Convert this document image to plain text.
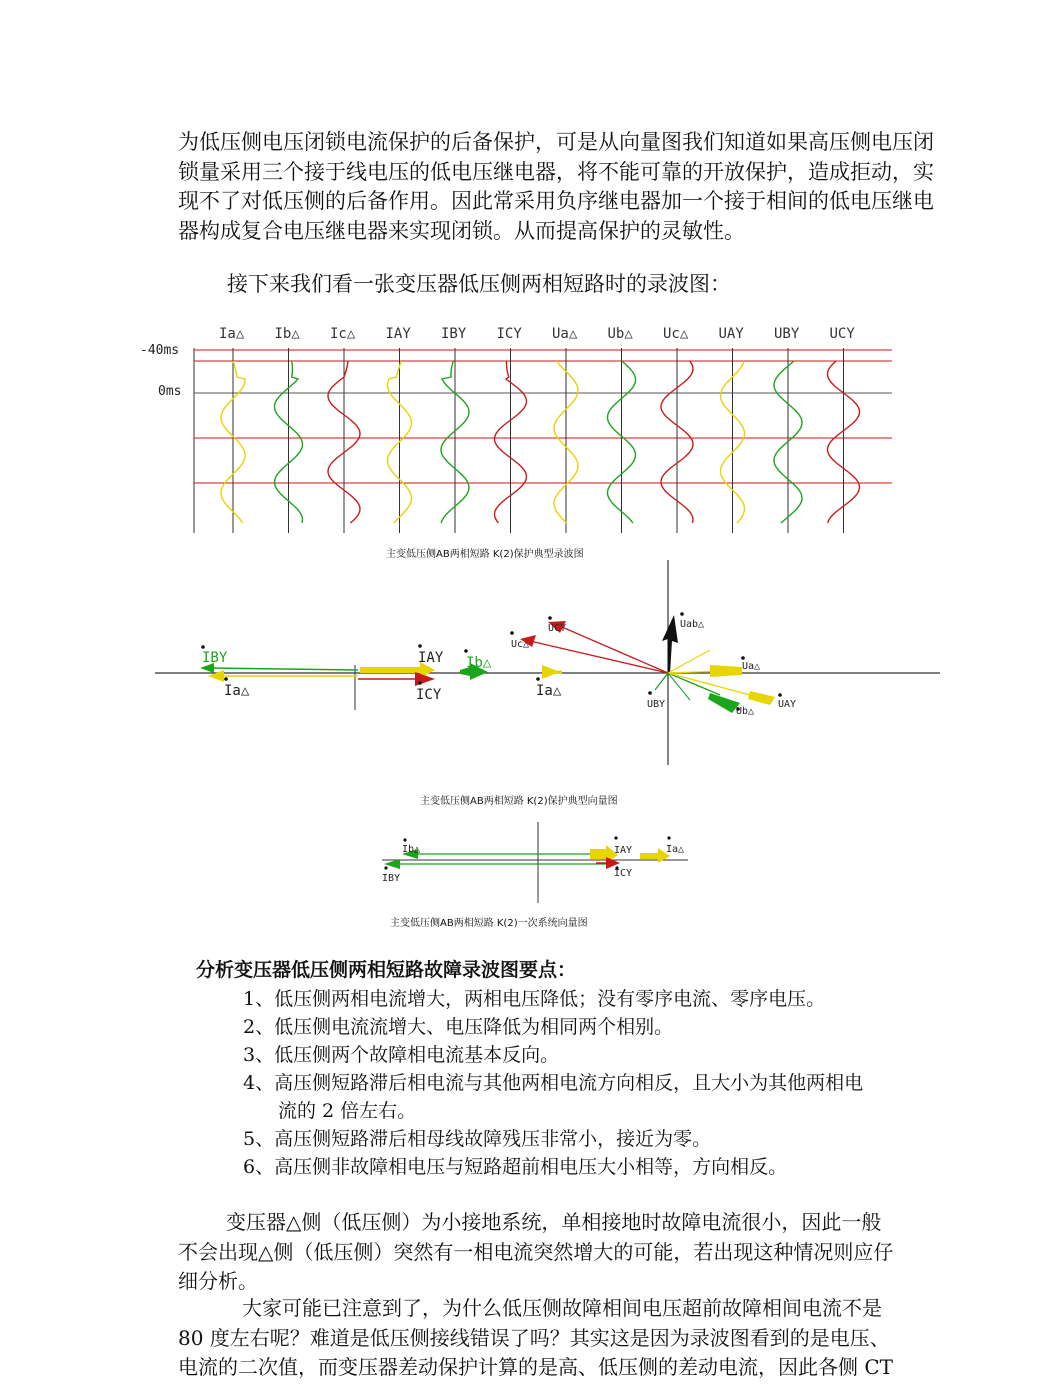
为低压侧电压闭锁电流保护的后备保护，可是从向量图我们知道如果高压侧电压闭
锁量采用三个接于线电压的低电压继电器，将不能可靠的开放保护，造成拒动，实
现不了对低压侧的后备作用。因此常采用负序继电器加一个接于相间的低电压继电
器构成复合电压继电器来实现闭锁。从而提高保护的灵敏性。
接下来我们看一张变压器低压侧两相短路时的录波图：
Ia△ Ib△ Ic△ IAY IBY ICY Ua△ Ub△ Uc△ UAY UBY UCY
-40ms
0ms
主变低压侧AB两相短路 K(2)保护典型录波图
IBY
Ia△
IAY
ICY
Ib△
Ia△
Uc△
UCY	Uab△
Ua△
UBY
Ub△
UAY
主变低压侧AB两相短路 K(2)保护典型向量图
Ib△
IBY
IAY
ICY
Ia△
主变低压侧AB两相短路 K(2)一次系统向量图
分析变压器低压侧两相短路故障录波图要点：
1、低压侧两相电流增大，两相电压降低；没有零序电流、零序电压。
2、低压侧电流流增大、电压降低为相同两个相别。
3、低压侧两个故障相电流基本反向。
4、高压侧短路滞后相电流与其他两相电流方向相反，且大小为其他两相电
流的 2 倍左右。
5、高压侧短路滞后相母线故障残压非常小，接近为零。
6、高压侧非故障相电压与短路超前相电压大小相等，方向相反。
变压器△侧（低压侧）为小接地系统，单相接地时故障电流很小，因此一般
不会出现△侧（低压侧）突然有一相电流突然增大的可能，若出现这种情况则应仔
细分析。
大家可能已注意到了，为什么低压侧故障相间电压超前故障相间电流不是
80 度左右呢？难道是低压侧接线错误了吗？其实这是因为录波图看到的是电压、
电流的二次值，而变压器差动保护计算的是高、低压侧的差动电流，因此各侧 CT
